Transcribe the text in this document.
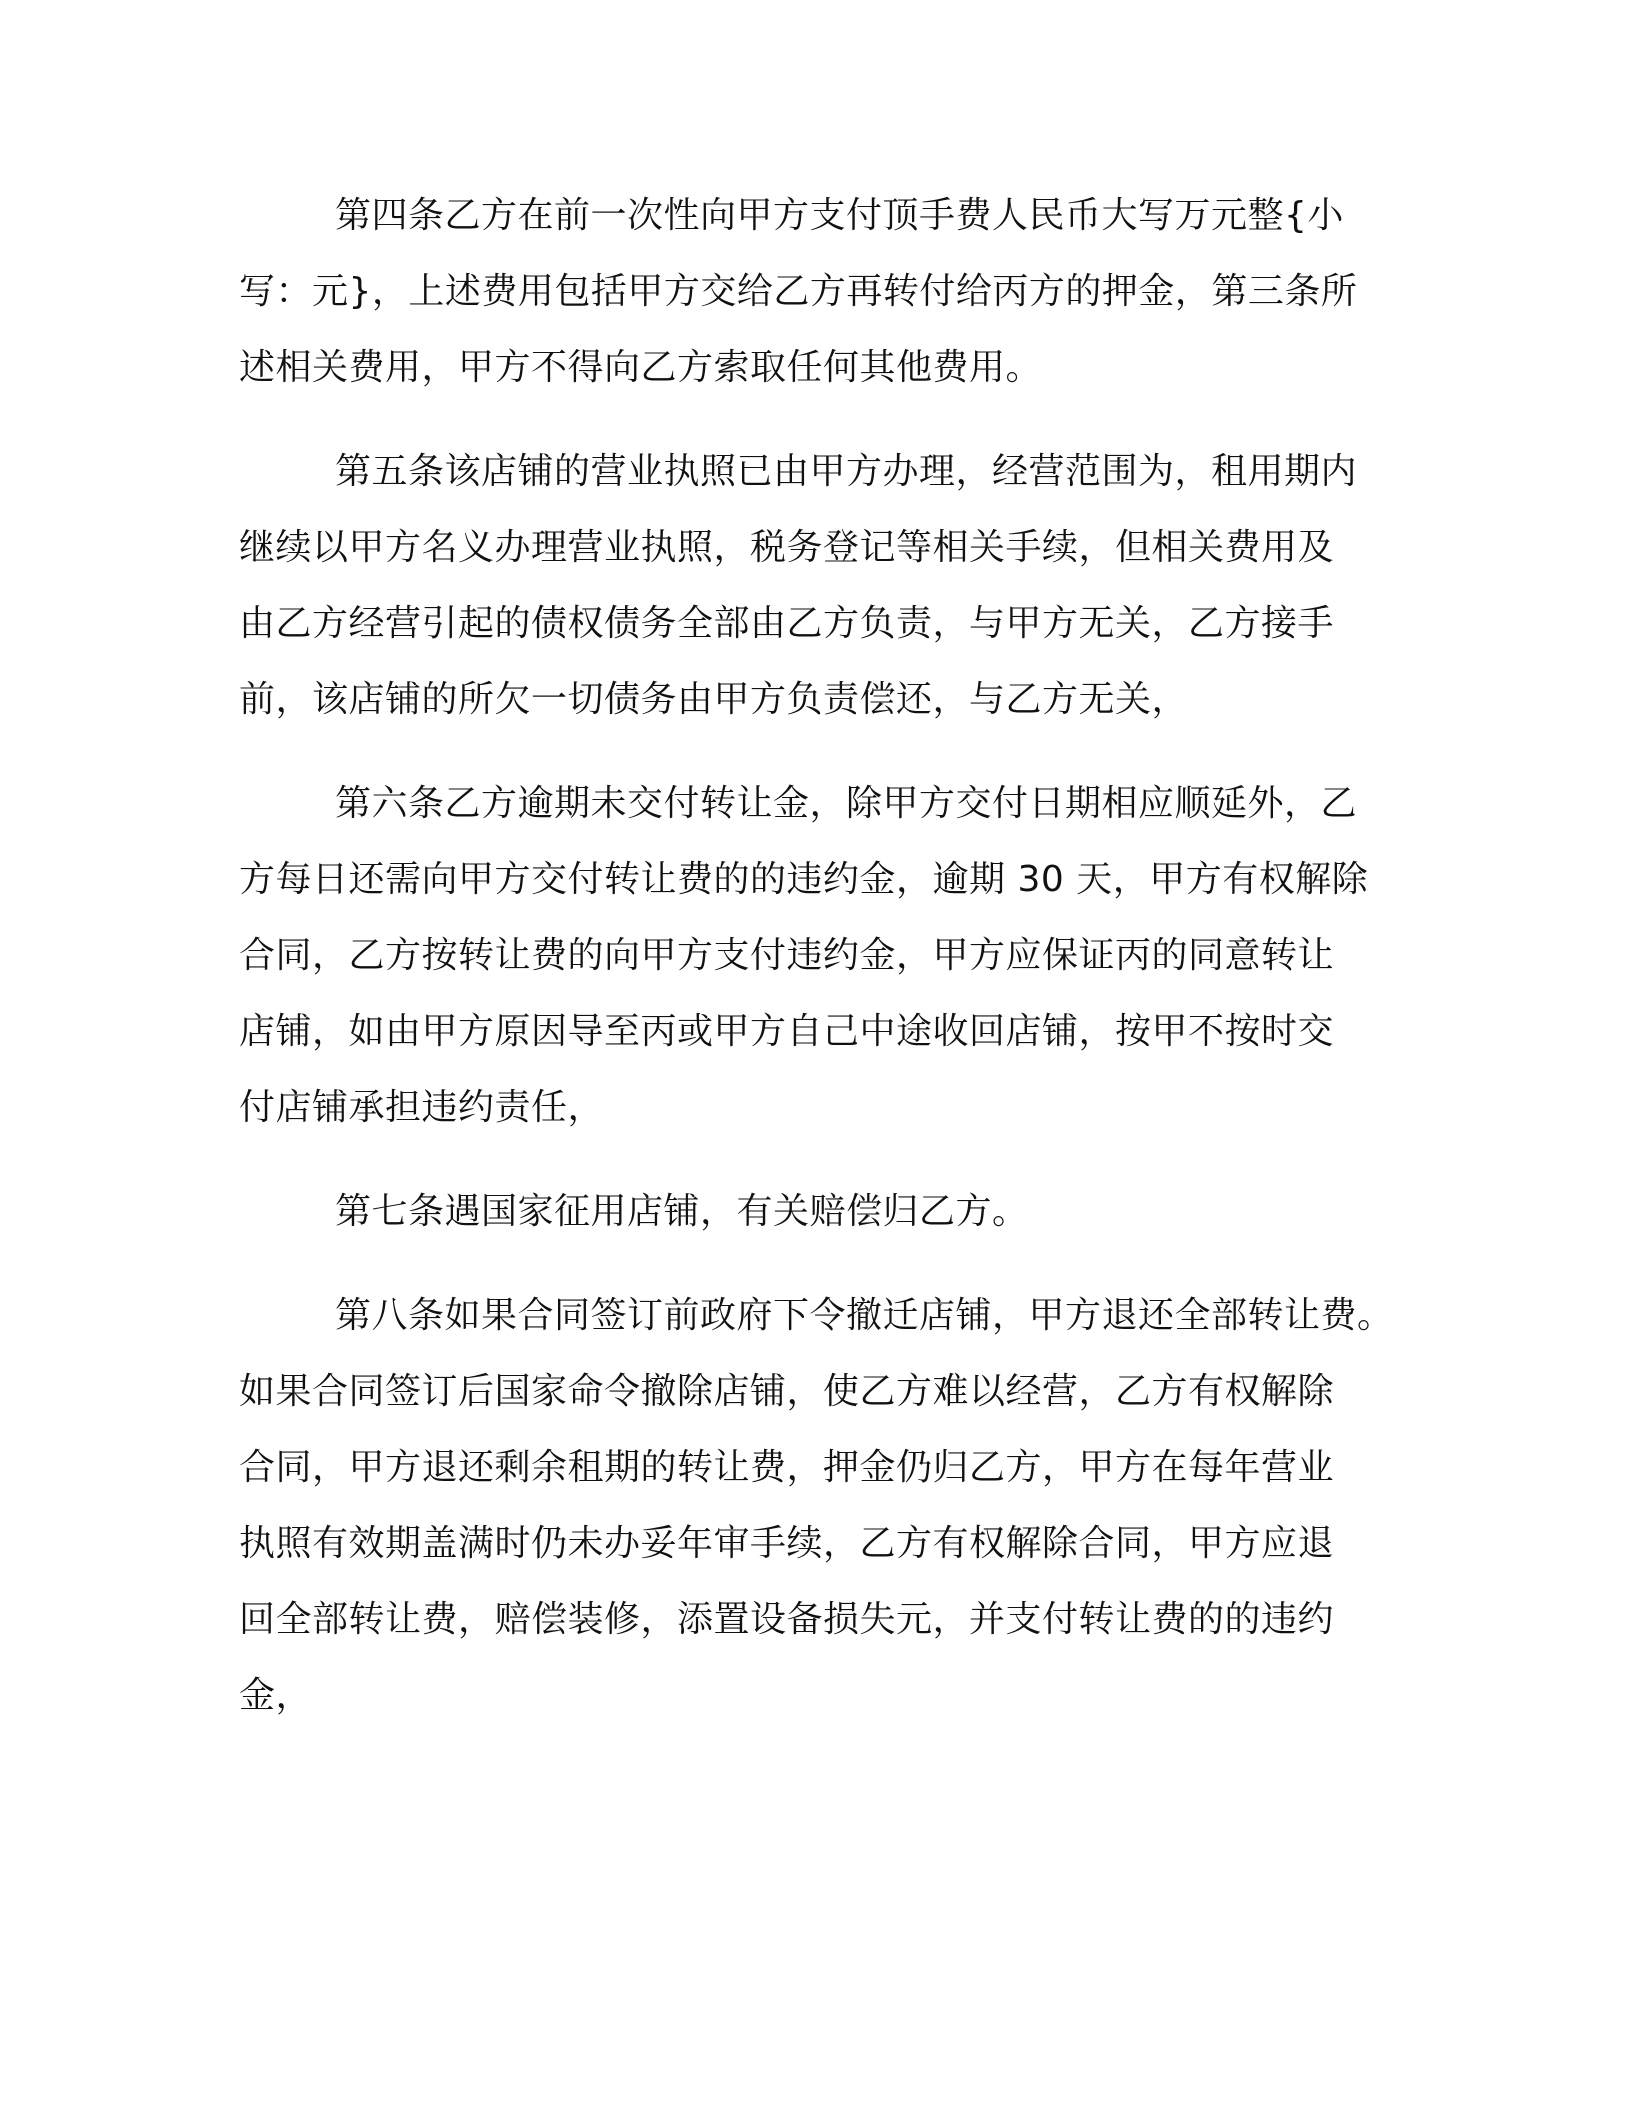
第四条乙方在前一次性向甲方支付顶手费人民币大写万元整{小
写：元}，上述费用包括甲方交给乙方再转付给丙方的押金，第三条所
述相关费用，甲方不得向乙方索取任何其他费用。
第五条该店铺的营业执照已由甲方办理，经营范围为，租用期内
继续以甲方名义办理营业执照，税务登记等相关手续，但相关费用及
由乙方经营引起的债权债务全部由乙方负责，与甲方无关，乙方接手
前，该店铺的所欠一切债务由甲方负责偿还，与乙方无关，
第六条乙方逾期未交付转让金，除甲方交付日期相应顺延外，乙
方每日还需向甲方交付转让费的的违约金，逾期 30 天，甲方有权解除
合同，乙方按转让费的向甲方支付违约金，甲方应保证丙的同意转让
店铺，如由甲方原因导至丙或甲方自己中途收回店铺，按甲不按时交
付店铺承担违约责任，
第七条遇国家征用店铺，有关赔偿归乙方。
第八条如果合同签订前政府下令撤迁店铺，甲方退还全部转让费。
如果合同签订后国家命令撤除店铺，使乙方难以经营，乙方有权解除
合同，甲方退还剩余租期的转让费，押金仍归乙方，甲方在每年营业
执照有效期盖满时仍未办妥年审手续，乙方有权解除合同，甲方应退
回全部转让费，赔偿装修，添置设备损失元，并支付转让费的的违约
金，
